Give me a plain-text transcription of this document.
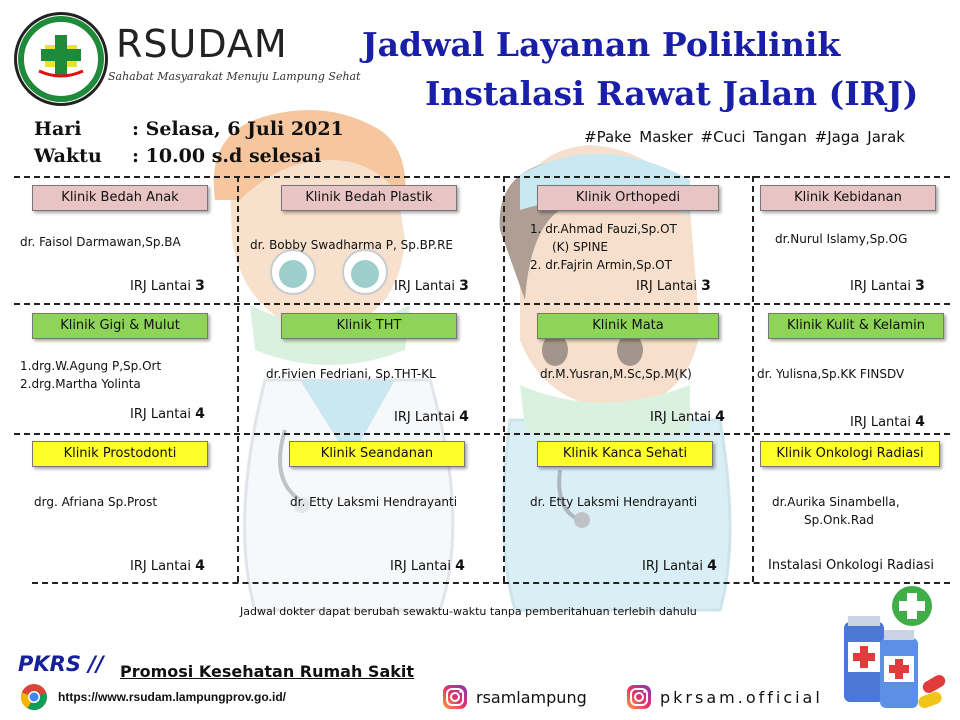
RSUDAM
Sahabat Masyarakat Menuju Lampung Sehat
Jadwal Layanan Poliklinik
Instalasi Rawat Jalan (IRJ)
Hari	: Selasa, 6 Juli 2021
Waktu : 10.00 s.d selesai
#Pake Masker #Cuci Tangan #Jaga Jarak
Klinik Bedah Anak
dr. Faisol Darmawan,Sp.BA
IRJ Lantai 3
Klinik Bedah Plastik
dr. Bobby Swadharma P, Sp.BP.RE
IRJ Lantai 3
Klinik Orthopedi
1. dr.Ahmad Fauzi,Sp.OT
(K) SPINE
2. dr.Fajrin Armin,Sp.OT
IRJ Lantai 3
Klinik Kebidanan
dr.Nurul Islamy,Sp.OG
IRJ Lantai 3
Klinik Gigi & Mulut
1.drg.W.Agung P,Sp.Ort
2.drg.Martha Yolinta
IRJ Lantai 4
Klinik THT
dr.Fivien Fedriani, Sp.THT-KL
IRJ Lantai 4
Klinik Mata
dr.M.Yusran,M.Sc,Sp.M(K)
IRJ Lantai 4
Klinik Kulit & Kelamin
dr. Yulisna,Sp.KK FINSDV
IRJ Lantai 4
Klinik Prostodonti
drg. Afriana Sp.Prost
IRJ Lantai 4
Klinik Seandanan
dr. Etty Laksmi Hendrayanti
IRJ Lantai 4
Klinik Kanca Sehati
dr. Etty Laksmi Hendrayanti
IRJ Lantai 4
Klinik Onkologi Radiasi
dr.Aurika Sinambella,
Sp.Onk.Rad
Instalasi Onkologi Radiasi
Jadwal dokter dapat berubah sewaktu-waktu tanpa pemberitahuan terlebih dahulu
PKRS // Promosi Kesehatan Rumah Sakit
https://www.rsudam.lampungprov.go.id/	rsamlampung	pkrsam.official
